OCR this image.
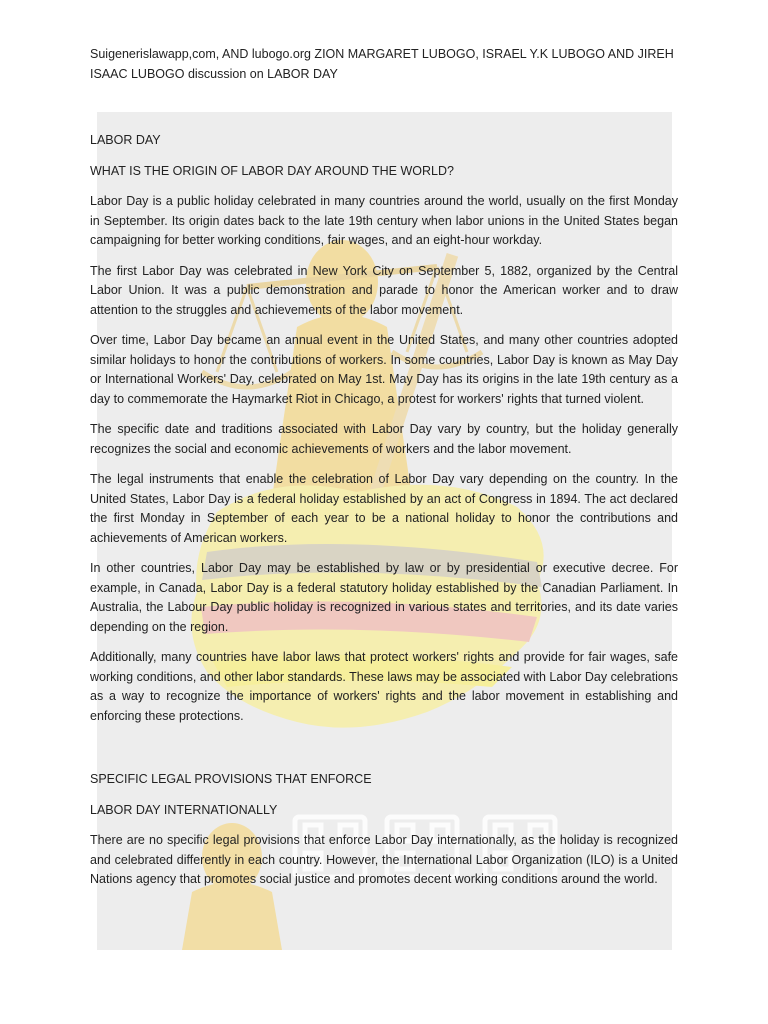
Suigenerislawapp,com, AND lubogo.org ZION MARGARET LUBOGO, ISRAEL Y.K LUBOGO AND JIREH
ISAAC LUBOGO discussion on LABOR DAY

LABOR DAY

WHAT IS THE ORIGIN OF LABOR DAY AROUND THE WORLD?

Labor Day is a public holiday celebrated in many countries around the world, usually on the first Monday in September. Its origin dates back to the late 19th century when labor unions in the United States began campaigning for better working conditions, fair wages, and an eight-hour workday.

The first Labor Day was celebrated in New York City on September 5, 1882, organized by the Central Labor Union. It was a public demonstration and parade to honor the American worker and to draw attention to the struggles and achievements of the labor movement.

Over time, Labor Day became an annual event in the United States, and many other countries adopted similar holidays to honor the contributions of workers. In some countries, Labor Day is known as May Day or International Workers' Day, celebrated on May 1st. May Day has its origins in the late 19th century as a day to commemorate the Haymarket Riot in Chicago, a protest for workers' rights that turned violent.

The specific date and traditions associated with Labor Day vary by country, but the holiday generally recognizes the social and economic achievements of workers and the labor movement.

The legal instruments that enable the celebration of Labor Day vary depending on the country. In the United States, Labor Day is a federal holiday established by an act of Congress in 1894. The act declared the first Monday in September of each year to be a national holiday to honor the contributions and achievements of American workers.

In other countries, Labor Day may be established by law or by presidential or executive decree. For example, in Canada, Labor Day is a federal statutory holiday established by the Canadian Parliament. In Australia, the Labour Day public holiday is recognized in various states and territories, and its date varies depending on the region.

Additionally, many countries have labor laws that protect workers' rights and provide for fair wages, safe working conditions, and other labor standards. These laws may be associated with Labor Day celebrations as a way to recognize the importance of workers' rights and the labor movement in establishing and enforcing these protections.

SPECIFIC LEGAL PROVISIONS THAT ENFORCE

LABOR DAY INTERNATIONALLY

There are no specific legal provisions that enforce Labor Day internationally, as the holiday is recognized and celebrated differently in each country. However, the International Labor Organization (ILO) is a United Nations agency that promotes social justice and promotes decent working conditions around the world.
